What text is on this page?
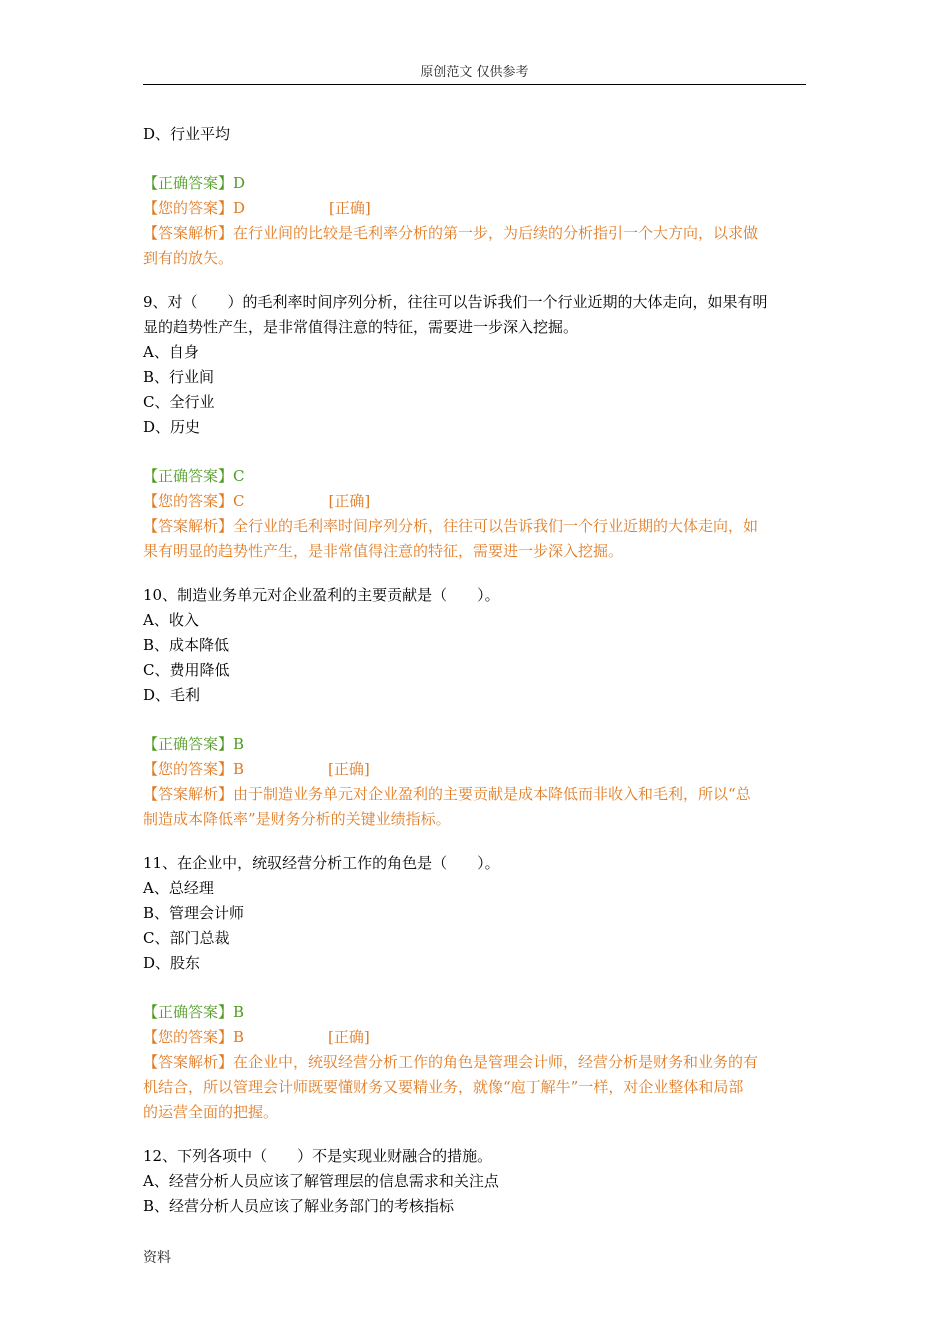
原创范文 仅供参考
D、行业平均
【正确答案】D
【您的答案】D	[正确]
【答案解析】在行业间的比较是毛利率分析的第一步，为后续的分析指引一个大方向，以求做
到有的放矢。
9、对（　　）的毛利率时间序列分析，往往可以告诉我们一个行业近期的大体走向，如果有明
显的趋势性产生，是非常值得注意的特征，需要进一步深入挖掘。
A、自身
B、行业间
C、全行业
D、历史
【正确答案】C
【您的答案】C	[正确]
【答案解析】全行业的毛利率时间序列分析，往往可以告诉我们一个行业近期的大体走向，如
果有明显的趋势性产生，是非常值得注意的特征，需要进一步深入挖掘。
10、制造业务单元对企业盈利的主要贡献是（　　）。
A、收入
B、成本降低
C、费用降低
D、毛利
【正确答案】B
【您的答案】B	[正确]
【答案解析】由于制造业务单元对企业盈利的主要贡献是成本降低而非收入和毛利，所以“总
制造成本降低率”是财务分析的关键业绩指标。
11、在企业中，统驭经营分析工作的角色是（　　）。
A、总经理
B、管理会计师
C、部门总裁
D、股东
【正确答案】B
【您的答案】B	[正确]
【答案解析】在企业中，统驭经营分析工作的角色是管理会计师，经营分析是财务和业务的有
机结合，所以管理会计师既要懂财务又要精业务，就像“庖丁解牛”一样，对企业整体和局部
的运营全面的把握。
12、下列各项中（　　）不是实现业财融合的措施。
A、经营分析人员应该了解管理层的信息需求和关注点
B、经营分析人员应该了解业务部门的考核指标
资料
